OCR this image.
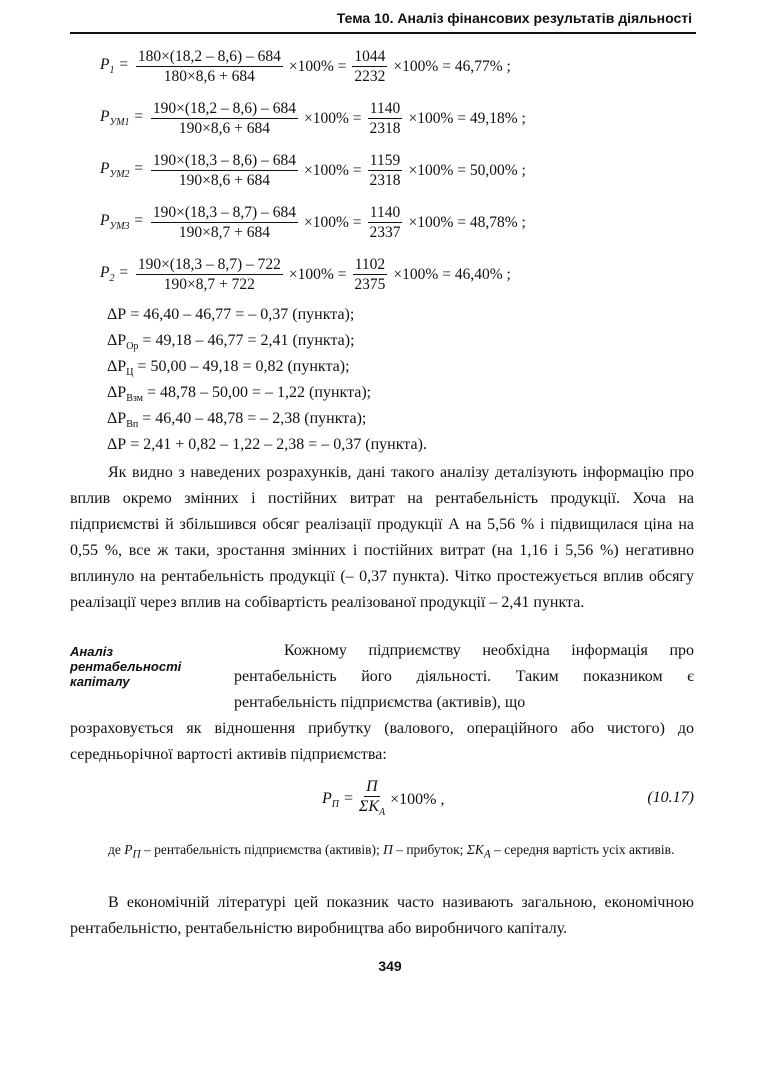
Тема 10. Аналіз фінансових результатів діяльності
$P_1 = \frac{180\times(18,2 - 8,6) - 684}{180\times 8,6 + 684} \times 100\% = \frac{1044}{2232} \times 100\% = 46,77\%$ ;
$P_{УМ1} = \frac{190\times(18,2 - 8,6) - 684}{190\times 8,6 + 684} \times 100\% = \frac{1140}{2318} \times 100\% = 49,18\%$ ;
$P_{УМ2} = \frac{190\times(18,3 - 8,6) - 684}{190\times 8,6 + 684} \times 100\% = \frac{1159}{2318} \times 100\% = 50,00\%$ ;
$P_{УМ3} = \frac{190\times(18,3 - 8,7) - 684}{190\times 8,7 + 684} \times 100\% = \frac{1140}{2337} \times 100\% = 48,78\%$ ;
$P_2 = \frac{190\times(18,3 - 8,7) - 722}{190\times 8,7 + 722} \times 100\% = \frac{1102}{2375} \times 100\% = 46,40\%$ ;
ΔP = 46,40 – 46,77 = – 0,37 (пункта);
$\Delta P_{Ор} = 49,18 - 46,77 = 2,41$ (пункта);
$\Delta P_Ц = 50,00 - 49,18 = 0,82$ (пункта);
$\Delta P_{Взм} = 48,78 - 50,00$ = – 1,22 (пункта);
$\Delta P_{Вп} = 46,40 - 48,78$ = – 2,38 (пункта);
ΔP = 2,41 + 0,82 – 1,22 – 2,38 = – 0,37 (пункта).

Як видно з наведених розрахунків, дані такого аналізу деталізують інформацію про вплив окремо змінних і постійних витрат на рентабельність продукції. Хоча на підприємстві й збільшився обсяг реалізації продукції А на 5,56 % і підвищилася ціна на 0,55 %, все ж таки, зростання змінних і постійних витрат (на 1,16 і 5,56 %) негативно вплинуло на рентабельність продукції (– 0,37 пункта). Чітко простежується вплив обсягу реалізації через вплив на собівартість реалізованої продукції – 2,41 пункта.

Аналіз
рентабельності
капіталу
Кожному підприємству необхідна інформація про рентабельність його діяльності. Таким показником є рентабельність підприємства (активів), що
розраховується як відношення прибутку (валового, операційного або чистого) до середньорічної вартості активів підприємства:
$P_П = \frac{П}{\Sigma K_А} \times 100\%$ ,	(10.17)
де $P_П$ – рентабельність підприємства (активів); П – прибуток; $\Sigma K_А$ – середня вартість усіх активів.
В економічній літературі цей показник часто називають загальною, економічною рентабельністю, рентабельністю виробництва або виробничого капіталу.
349
